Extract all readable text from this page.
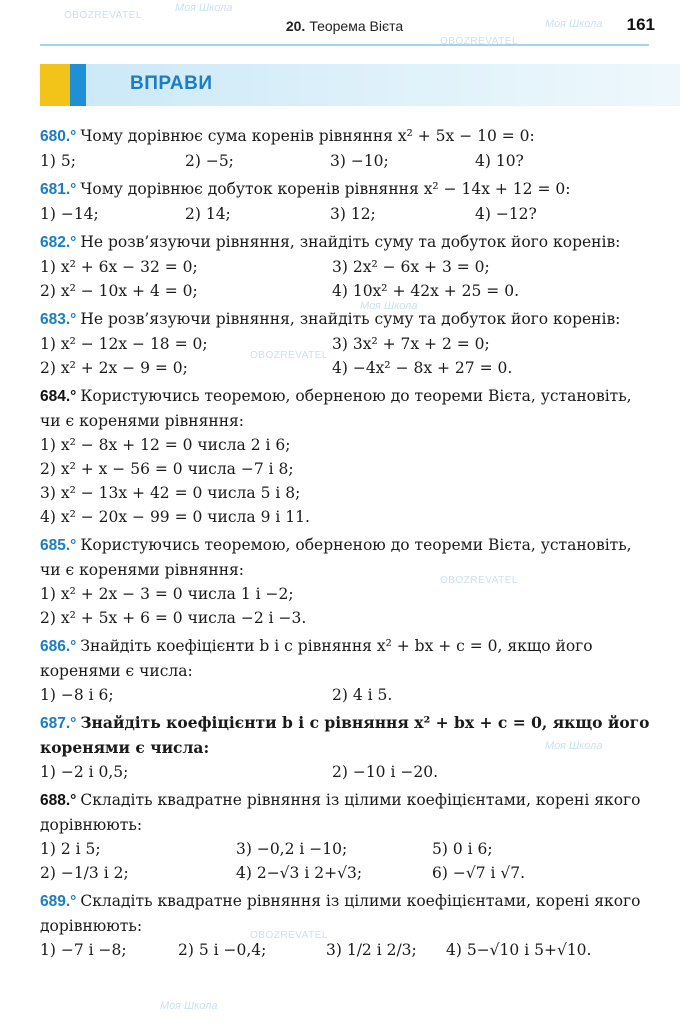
20. Теорема Вієта	161
ВПРАВИ
Моя Школа
OBOZREVATEL
OBOZREVATEL
Моя Школа
Моя Школа
OBOZREVATEL
OBOZREVATEL
Моя Школа
OBOZREVATEL
Моя Школа

680.° Чому дорівнює сума коренів рівняння x² + 5x − 10 = 0:

1) 5;	2) −5;	3) −10;	4) 10?

681.° Чому дорівнює добуток коренів рівняння x² − 14x + 12 = 0:

1) −14;	2) 14;	3) 12;	4) −12?

682.° Не розв’язуючи рівняння, знайдіть суму та добуток його коренів:

1) x² + 6x − 32 = 0;	3) 2x² − 6x + 3 = 0;
2) x² − 10x + 4 = 0;	4) 10x² + 42x + 25 = 0.

683.° Не розв’язуючи рівняння, знайдіть суму та добуток його коренів:

1) x² − 12x − 18 = 0;	3) 3x² + 7x + 2 = 0;
2) x² + 2x − 9 = 0;	4) −4x² − 8x + 27 = 0.

684.° Користуючись теоремою, оберненою до теореми Вієта, установіть, чи є коренями рівняння:

1) x² − 8x + 12 = 0 числа 2 і 6;

2) x² + x − 56 = 0 числа −7 і 8;

3) x² − 13x + 42 = 0 числа 5 і 8;

4) x² − 20x − 99 = 0 числа 9 і 11.

685.° Користуючись теоремою, оберненою до теореми Вієта, установіть, чи є коренями рівняння:

1) x² + 2x − 3 = 0 числа 1 і −2;

2) x² + 5x + 6 = 0 числа −2 і −3.

686.° Знайдіть коефіцієнти b і c рівняння x² + bx + c = 0, якщо його коренями є числа:

1) −8 і 6;	2) 4 і 5.

687.° Знайдіть коефіцієнти b і c рівняння x² + bx + c = 0, якщо його коренями є числа:

1) −2 і 0,5;	2) −10 і −20.

688.° Складіть квадратне рівняння із цілими коефіцієнтами, корені якого дорівнюють:

1) 2 і 5;	3) −0,2 і −10;	5) 0 і 6;
2) −1/3 і 2;	4) 2−√3 і 2+√3;	6) −√7 і √7.

689.° Складіть квадратне рівняння із цілими коефіцієнтами, корені якого дорівнюють:

1) −7 і −8;	2) 5 і −0,4;	3) 1/2 і 2/3;	4) 5−√10 і 5+√10.
